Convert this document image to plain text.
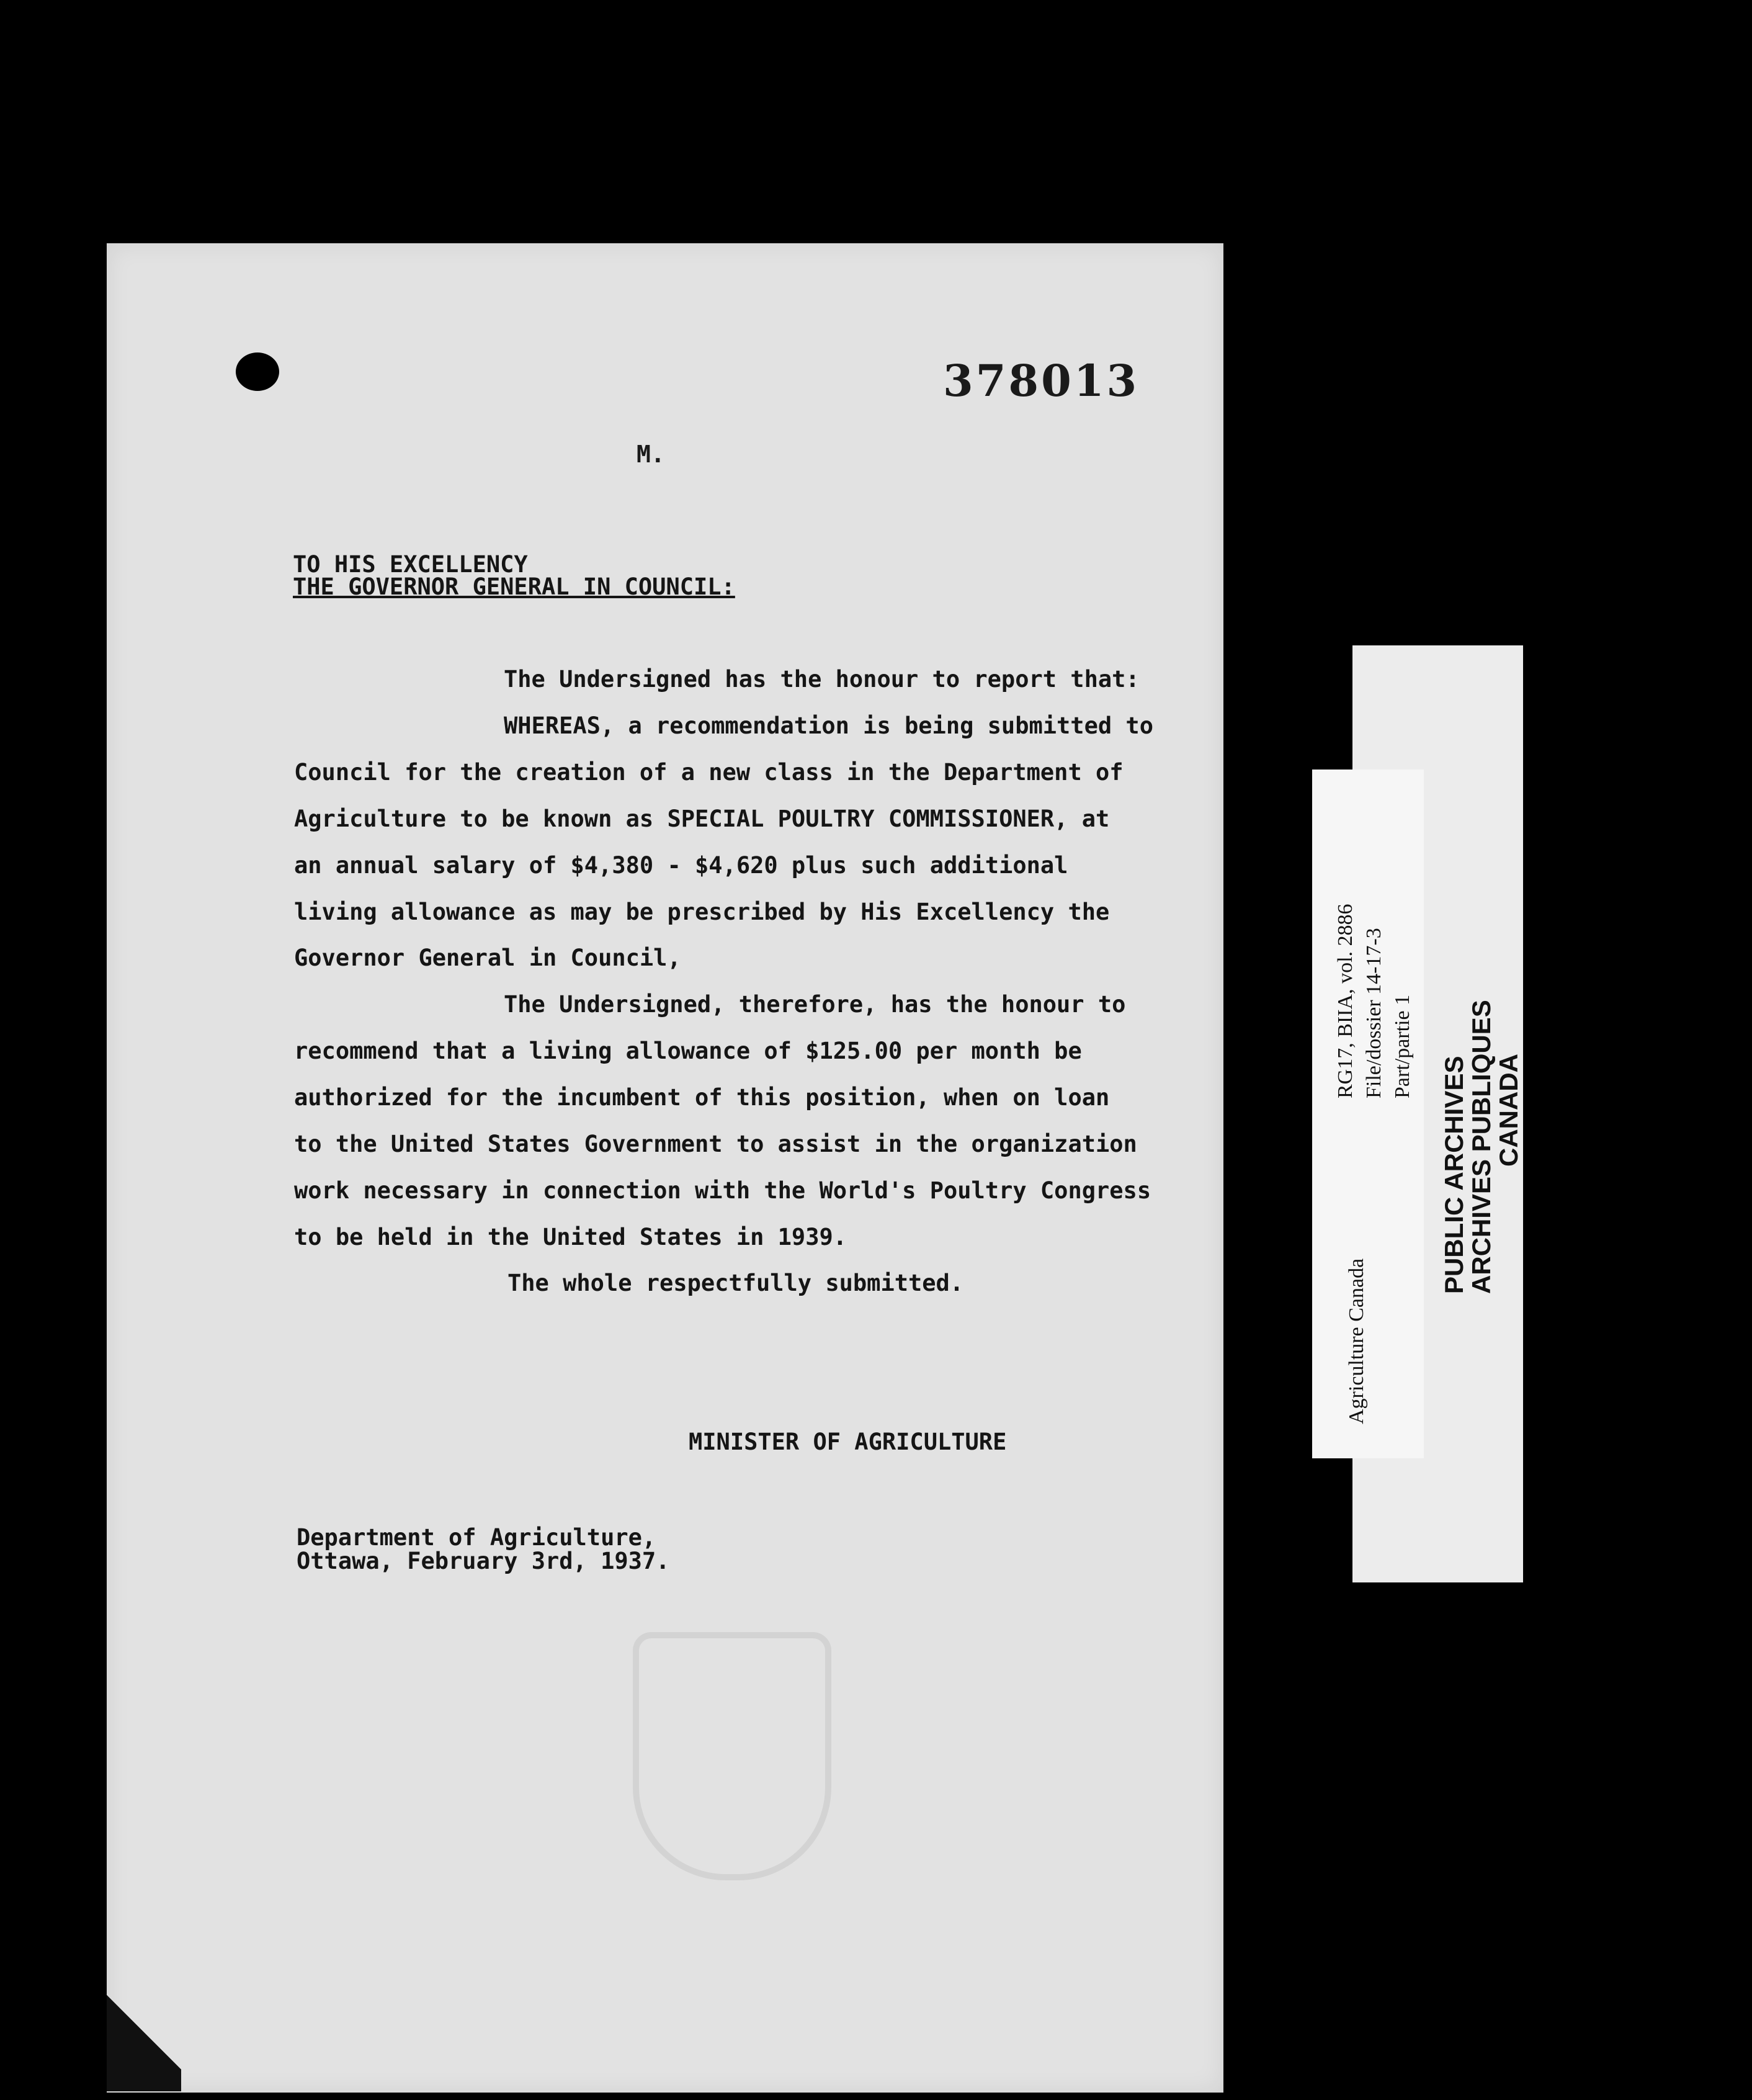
378013
M.
TO HIS EXCELLENCY
THE GOVERNOR GENERAL IN COUNCIL:
The Undersigned has the honour to report that:
WHEREAS, a recommendation is being submitted to
Council for the creation of a new class in the Department of
Agriculture to be known as SPECIAL POULTRY COMMISSIONER, at
an annual salary of $4,380 - $4,620 plus such additional
living allowance as may be prescribed by His Excellency the
Governor General in Council,
The Undersigned, therefore, has the honour to
recommend that a living allowance of $125.00 per month be
authorized for the incumbent of this position, when on loan
to the United States Government to assist in the organization
work necessary in connection with the World's Poultry Congress
to be held in the United States in 1939.
The whole respectfully submitted.
MINISTER OF AGRICULTURE
Department of Agriculture,
Ottawa, February 3rd, 1937.
RG17, BIIA, vol. 2886 File/dossier 14-17-3 Part/partie 1
Agriculture Canada
PUBLIC ARCHIVES
ARCHIVES PUBLIQUES
CANADA
